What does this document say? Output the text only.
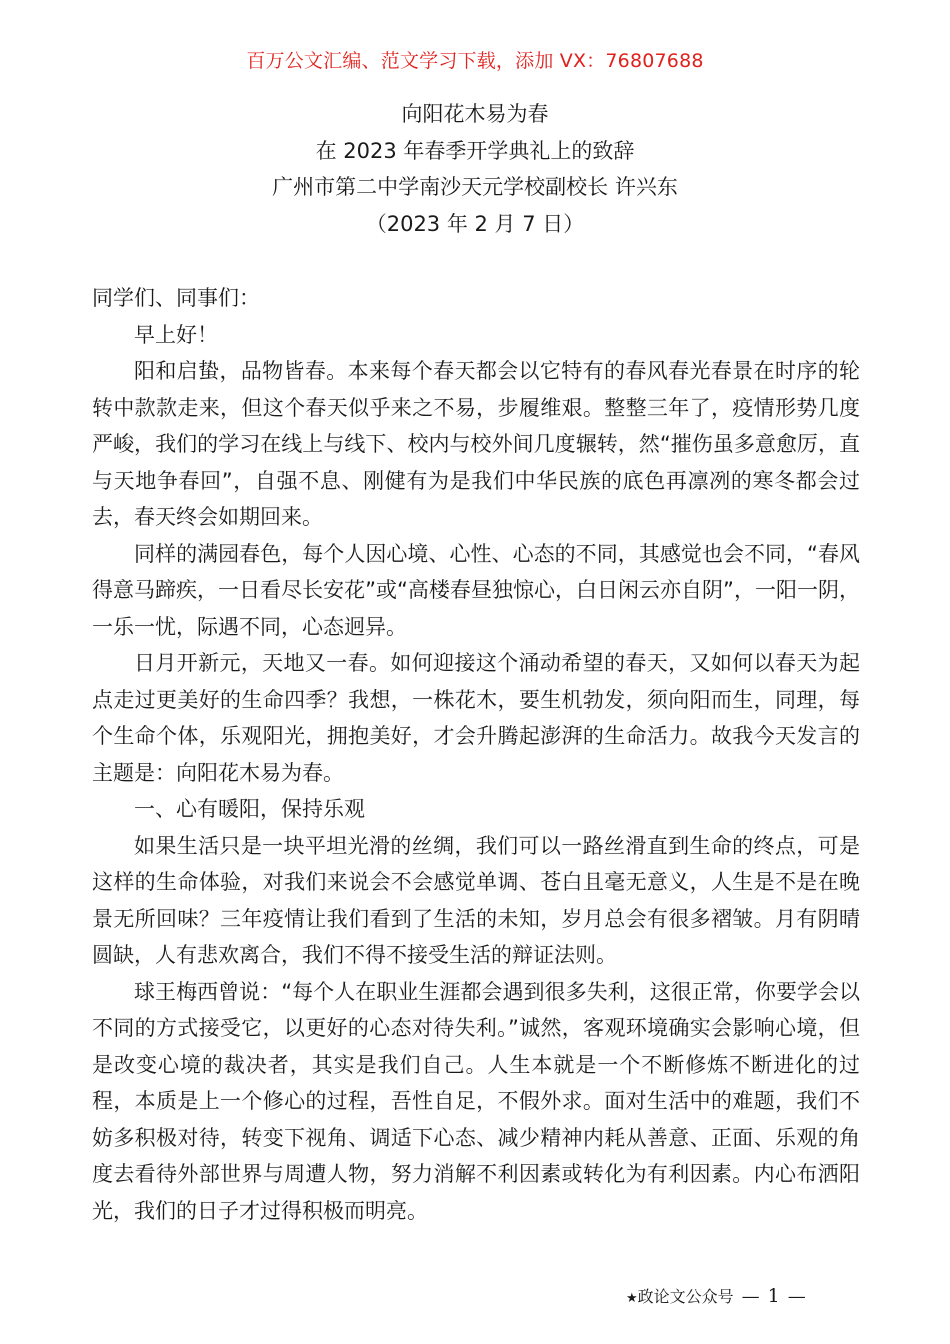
百万公文汇编、范文学习下载，添加 VX：76807688
向阳花木易为春
在 2023 年春季开学典礼上的致辞
广州市第二中学南沙天元学校副校长 许兴东
（2023 年 2 月 7 日）

同学们、同事们：

早上好！

阳和启蛰，品物皆春。本来每个春天都会以它特有的春风春光春景在时序的轮转中款款走来，但这个春天似乎来之不易，步履维艰。整整三年了，疫情形势几度严峻，我们的学习在线上与线下、校内与校外间几度辗转，然“摧伤虽多意愈厉，直与天地争春回”，自强不息、刚健有为是我们中华民族的底色再凛冽的寒冬都会过去，春天终会如期回来。

同样的满园春色，每个人因心境、心性、心态的不同，其感觉也会不同，“春风得意马蹄疾，一日看尽长安花”或“高楼春昼独惊心，白日闲云亦自阴”，一阳一阴，一乐一忧，际遇不同，心态迥异。

日月开新元，天地又一春。如何迎接这个涌动希望的春天，又如何以春天为起点走过更美好的生命四季？我想，一株花木，要生机勃发，须向阳而生，同理，每个生命个体，乐观阳光，拥抱美好，才会升腾起澎湃的生命活力。故我今天发言的主题是：向阳花木易为春。

一、心有暖阳，保持乐观

如果生活只是一块平坦光滑的丝绸，我们可以一路丝滑直到生命的终点，可是这样的生命体验，对我们来说会不会感觉单调、苍白且毫无意义，人生是不是在晚景无所回味？三年疫情让我们看到了生活的未知，岁月总会有很多褶皱。月有阴晴圆缺，人有悲欢离合，我们不得不接受生活的辩证法则。

球王梅西曾说：“每个人在职业生涯都会遇到很多失利，这很正常，你要学会以不同的方式接受它，以更好的心态对待失利。”诚然，客观环境确实会影响心境，但是改变心境的裁决者，其实是我们自己。人生本就是一个不断修炼不断进化的过程，本质是上一个修心的过程，吾性自足，不假外求。面对生活中的难题，我们不妨多积极对待，转变下视角、调适下心态、减少精神内耗从善意、正面、乐观的角度去看待外部世界与周遭人物，努力消解不利因素或转化为有利因素。内心布洒阳光，我们的日子才过得积极而明亮。

★政论文公众号 — 1 —
